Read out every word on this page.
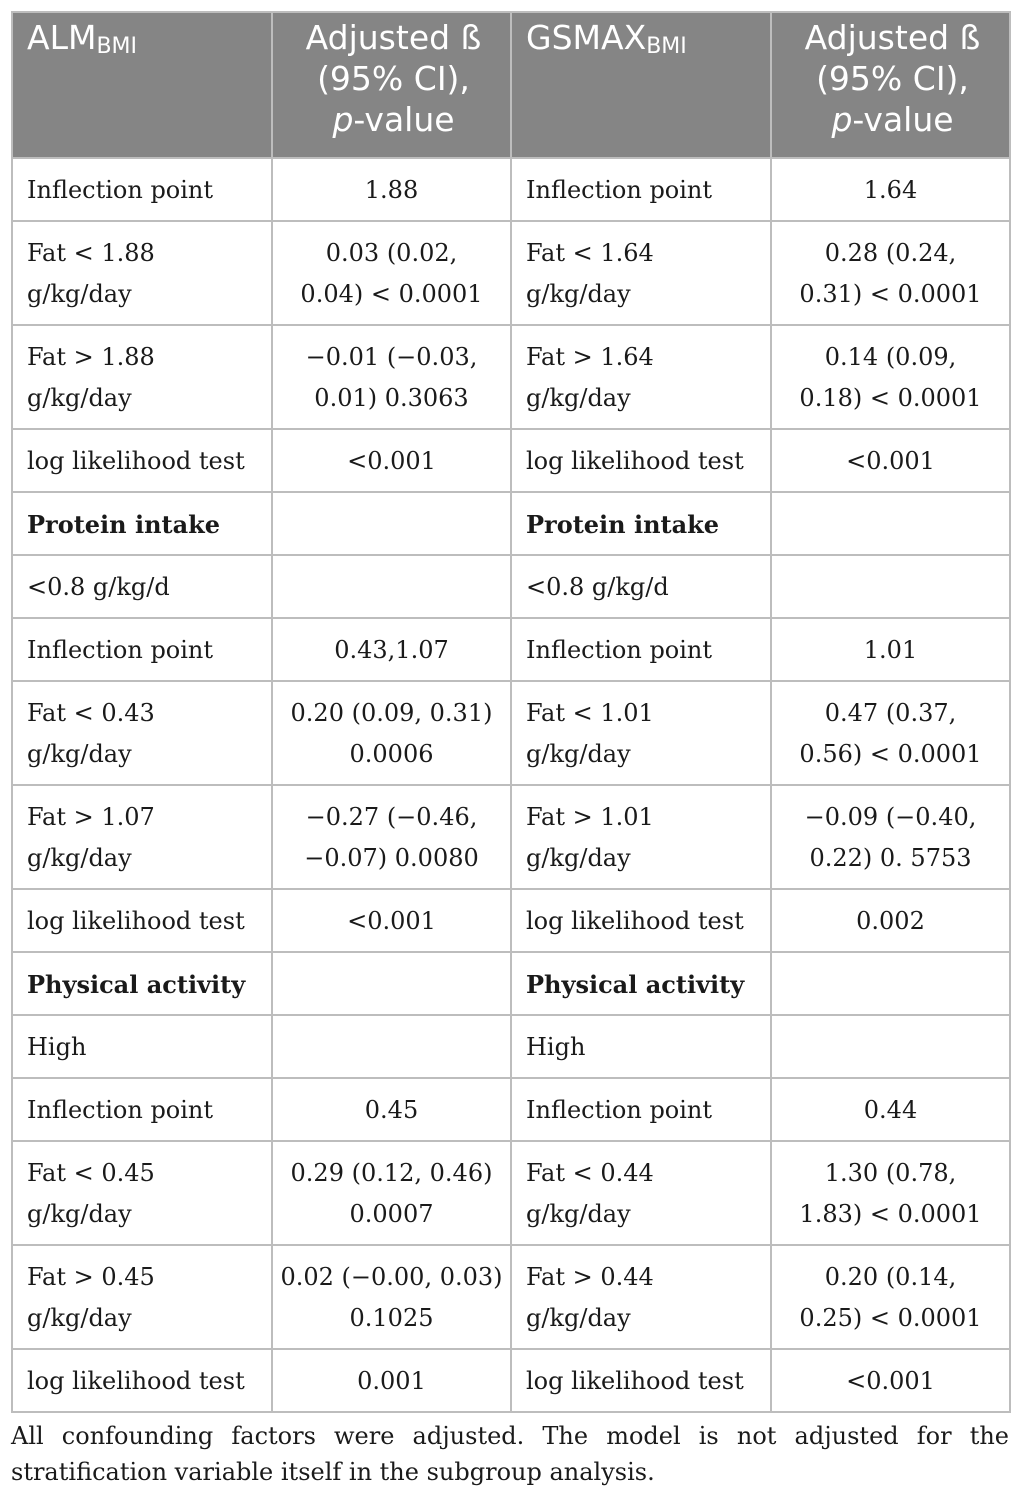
$ALM_{BMI}$	Adjusted ß
(95% CI),
p-value	$GSMAX_{BMI}$	Adjusted ß
(95% CI),
p-value

Inflection point	1.88	Inflection point	1.64

Fat < 1.88 g/kg/day	0.03 (0.02,
0.04) < 0.0001	Fat < 1.64 g/kg/day	0.28 (0.24,
0.31) < 0.0001

Fat > 1.88 g/kg/day	−0.01 (−0.03,
0.01) 0.3063	Fat > 1.64 g/kg/day	0.14 (0.09,
0.18) < 0.0001

log likelihood test	<0.001	log likelihood test	<0.001

Protein intake		Protein intake	

<0.8 g/kg/d		<0.8 g/kg/d	

Inflection point	0.43,1.07	Inflection point	1.01

Fat < 0.43 g/kg/day	0.20 (0.09, 0.31)
0.0006	Fat < 1.01 g/kg/day	0.47 (0.37,
0.56) < 0.0001

Fat > 1.07 g/kg/day	−0.27 (−0.46,
−0.07) 0.0080	Fat > 1.01 g/kg/day	−0.09 (−0.40,
0.22) 0. 5753

log likelihood test	<0.001	log likelihood test	0.002

Physical activity		Physical activity	

High		High	

Inflection point	0.45	Inflection point	0.44

Fat < 0.45 g/kg/day	0.29 (0.12, 0.46)
0.0007	Fat < 0.44 g/kg/day	1.30 (0.78,
1.83) < 0.0001

Fat > 0.45 g/kg/day	0.02 (−0.00, 0.03)
0.1025	Fat > 0.44 g/kg/day	0.20 (0.14,
0.25) < 0.0001

log likelihood test	0.001	log likelihood test	<0.001
All confounding factors were adjusted. The model is not adjusted for the stratification variable itself in the subgroup analysis.
